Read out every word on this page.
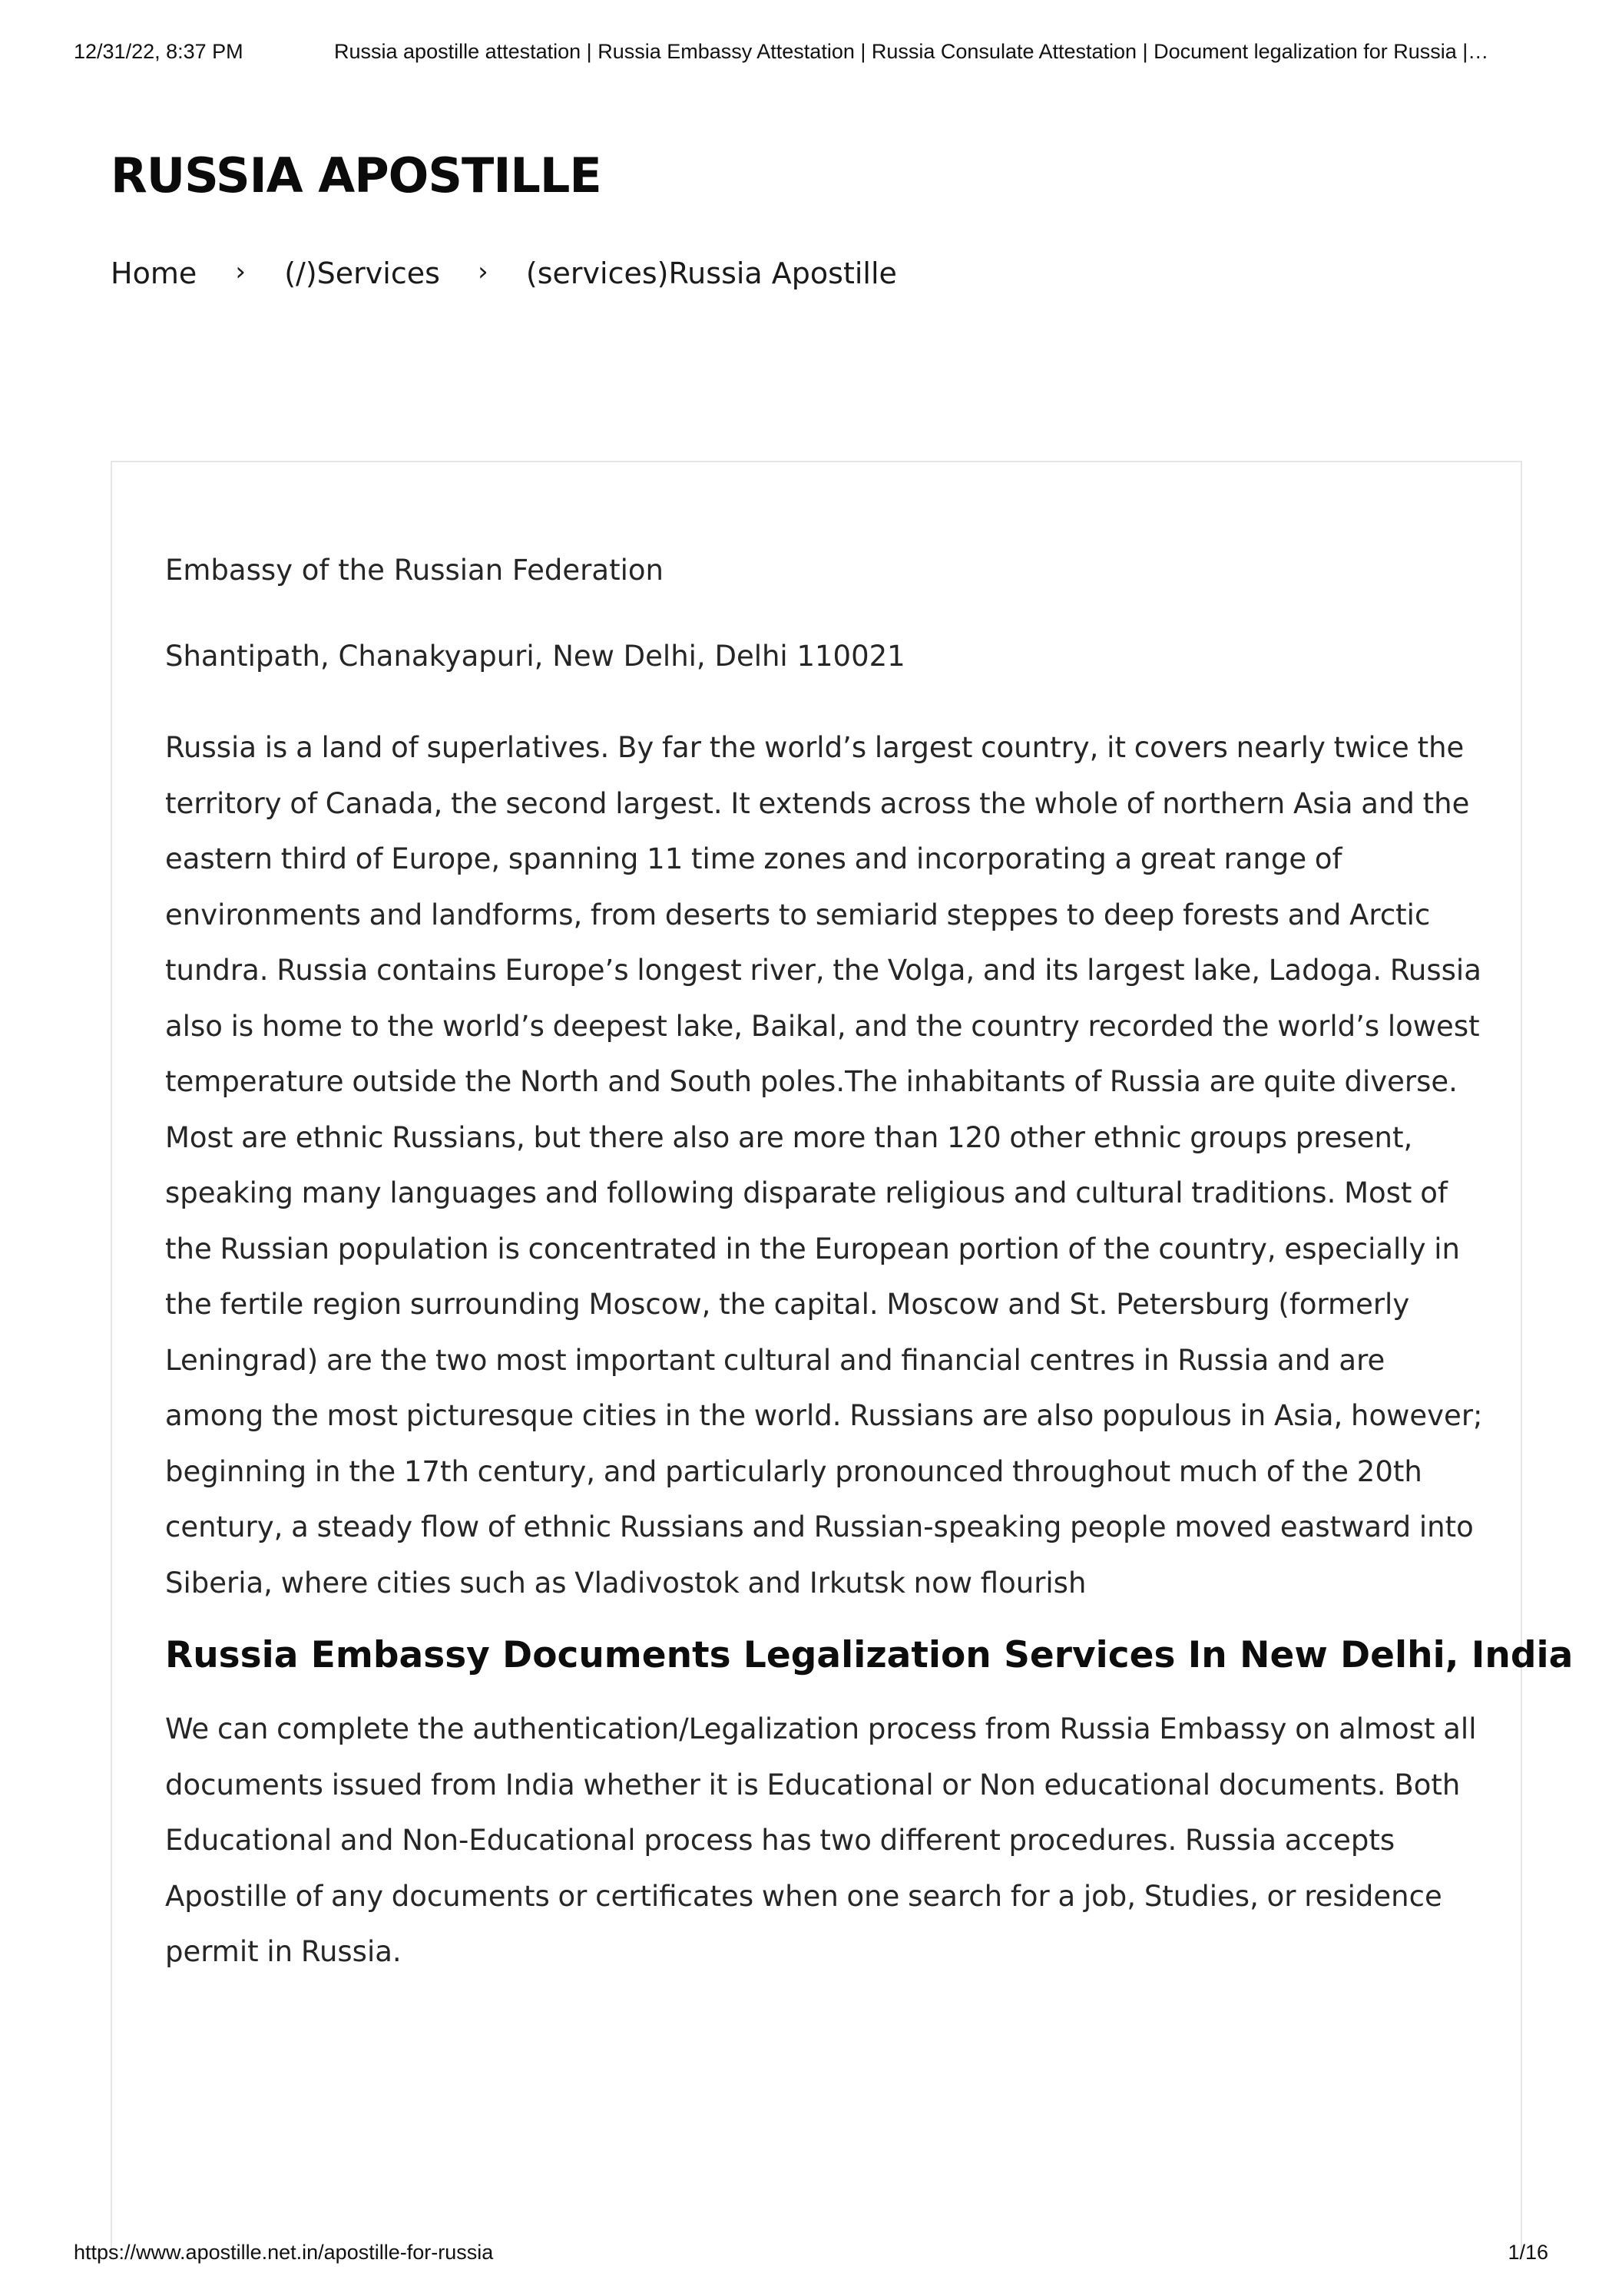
12/31/22, 8:37 PM	Russia apostille attestation | Russia Embassy Attestation | Russia Consulate Attestation | Document legalization for Russia |…
RUSSIA APOSTILLE
Home	›	(/)Services	›	(services)Russia Apostille

Embassy of the Russian Federation

Shantipath, Chanakyapuri, New Delhi, Delhi 110021

Russia is a land of superlatives. By far the world’s largest country, it covers nearly twice the territory of Canada, the second largest. It extends across the whole of northern Asia and the eastern third of Europe, spanning 11 time zones and incorporating a great range of environments and landforms, from deserts to semiarid steppes to deep forests and Arctic tundra. Russia contains Europe’s longest river, the Volga, and its largest lake, Ladoga. Russia also is home to the world’s deepest lake, Baikal, and the country recorded the world’s lowest temperature outside the North and South poles.The inhabitants of Russia are quite diverse. Most are ethnic Russians, but there also are more than 120 other ethnic groups present, speaking many languages and following disparate religious and cultural traditions. Most of the Russian population is concentrated in the European portion of the country, especially in the fertile region surrounding Moscow, the capital. Moscow and St. Petersburg (formerly Leningrad) are the two most important cultural and financial centres in Russia and are among the most picturesque cities in the world. Russians are also populous in Asia, however; beginning in the 17th century, and particularly pronounced throughout much of the 20th century, a steady flow of ethnic Russians and Russian-speaking people moved eastward into Siberia, where cities such as Vladivostok and Irkutsk now flourish

Russia Embassy Documents Legalization Services In New Delhi, India

We can complete the authentication/Legalization process from Russia Embassy on almost all documents issued from India whether it is Educational or Non educational documents. Both Educational and Non-Educational process has two different procedures. Russia accepts Apostille of any documents or certificates when one search for a job, Studies, or residence permit in Russia.

https://www.apostille.net.in/apostille-for-russia	1/16
